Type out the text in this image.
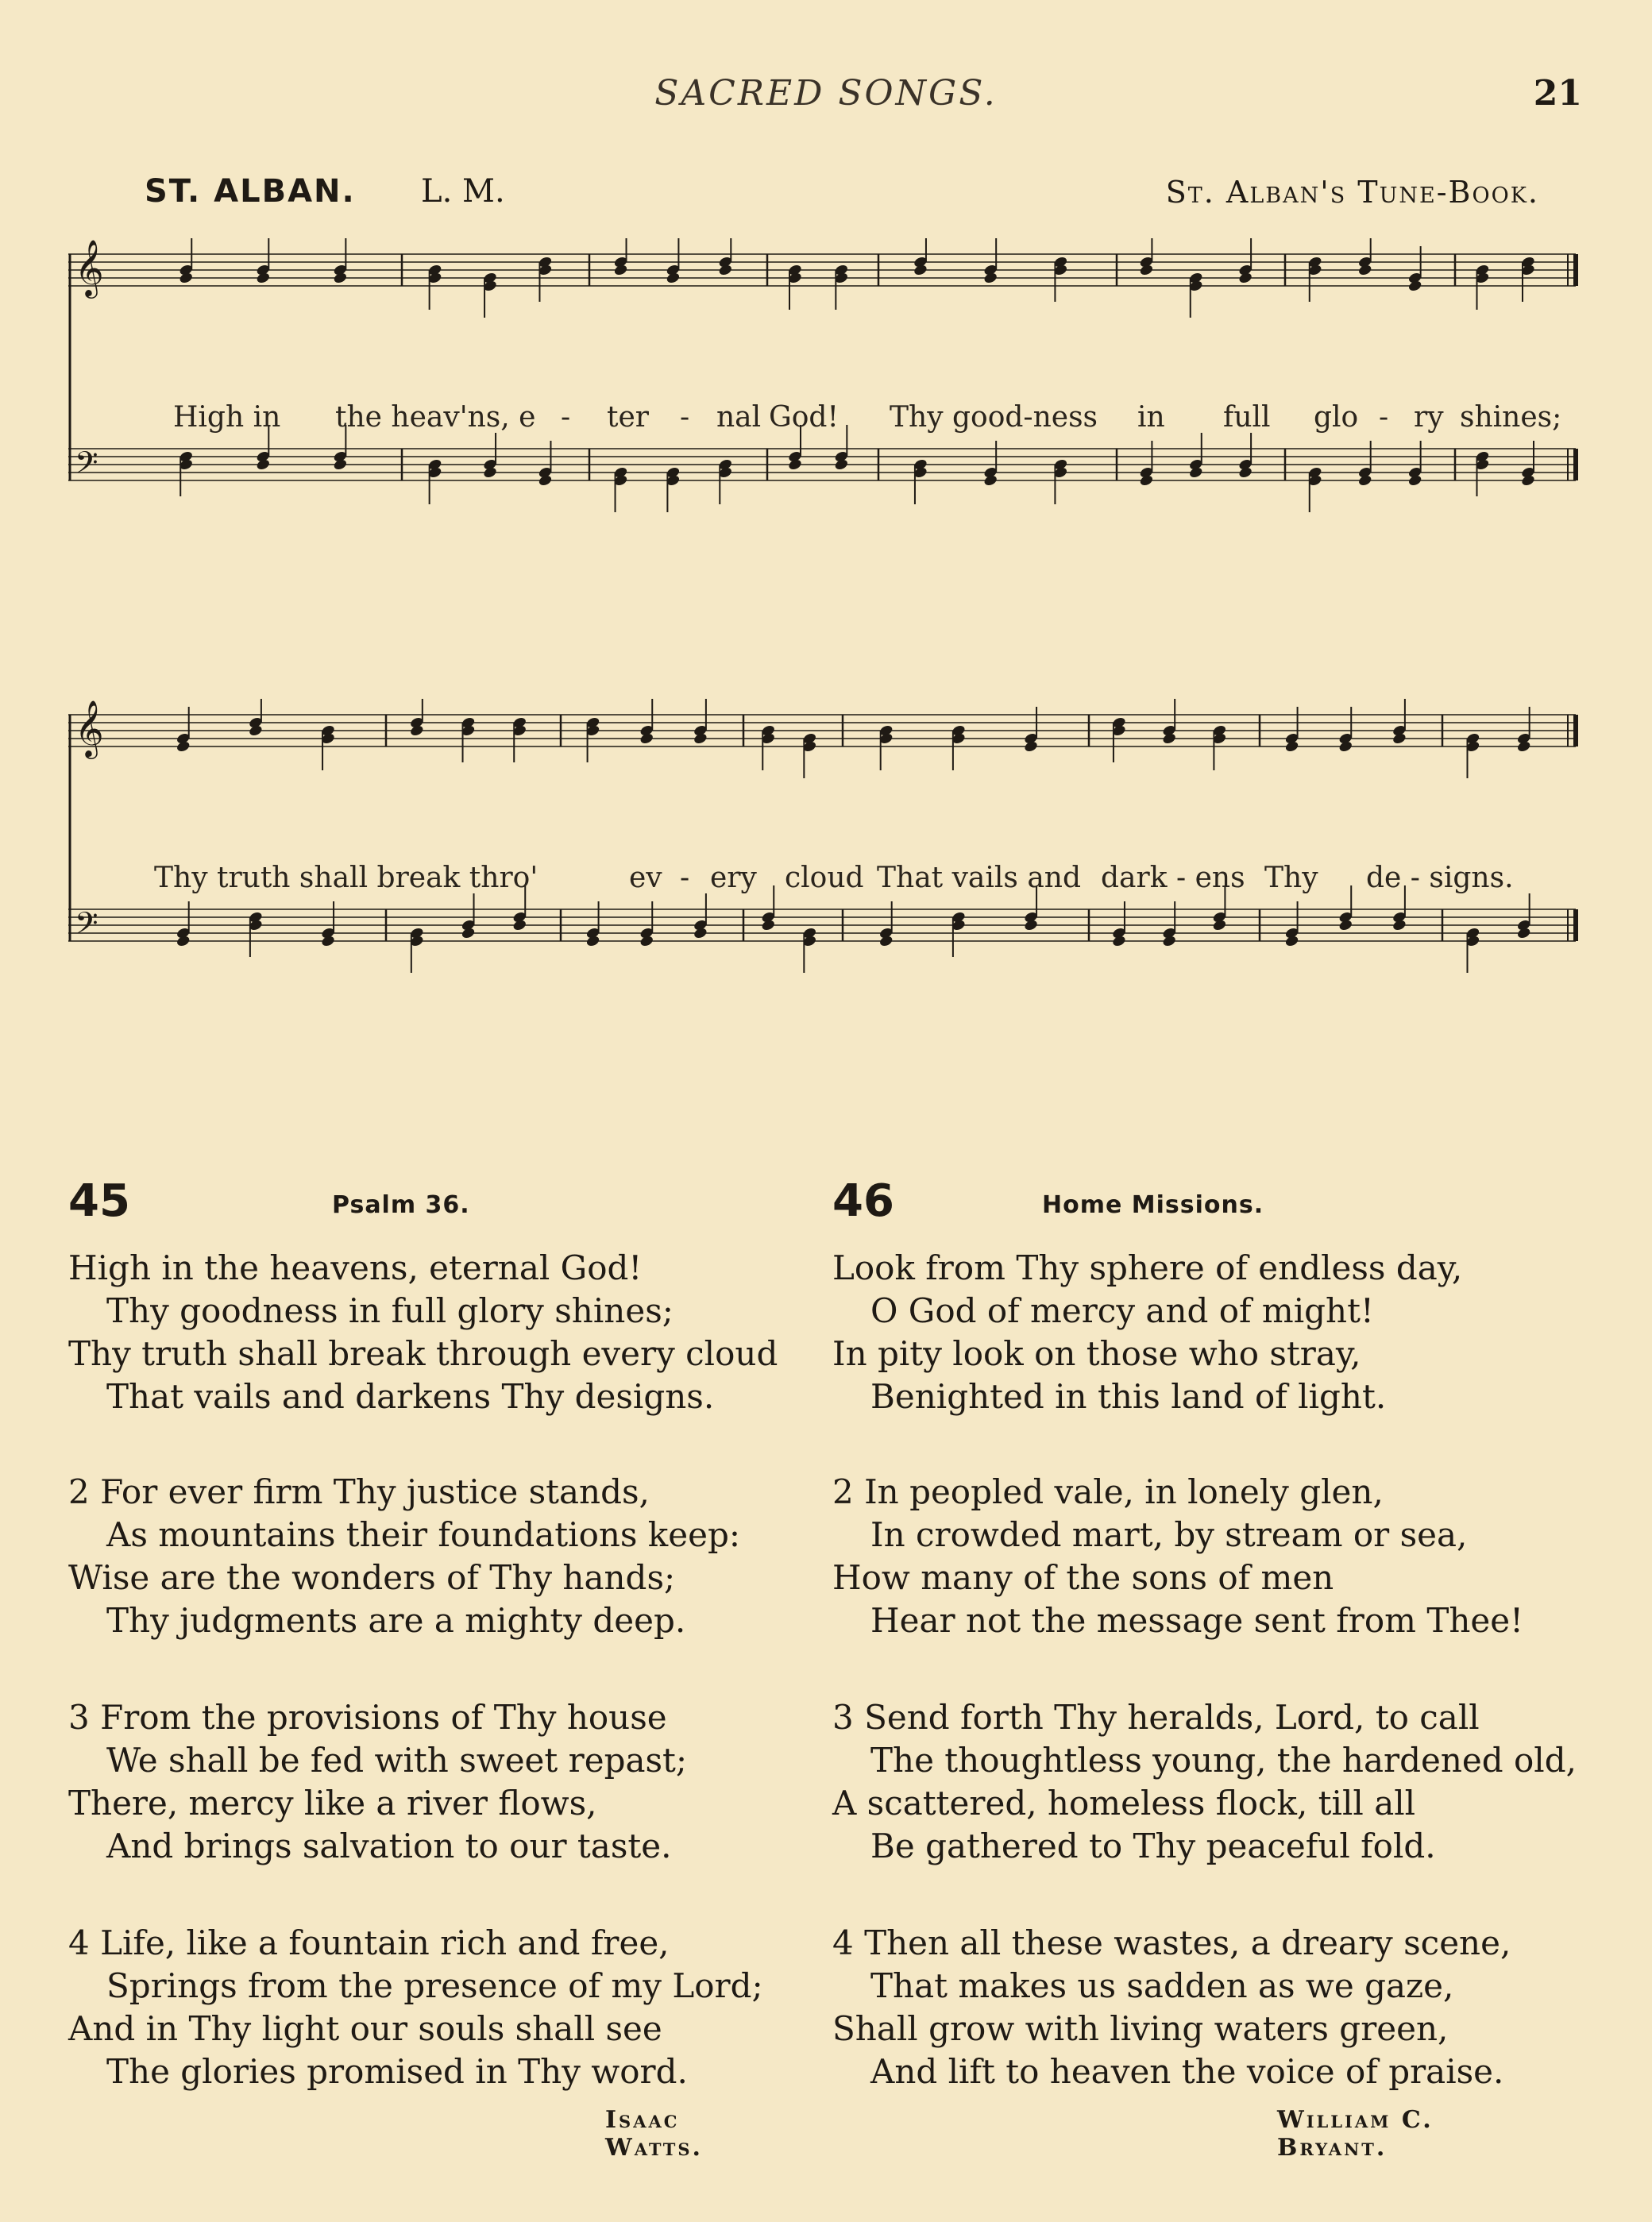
SACRED SONGS.	21
ST. ALBAN. L. M.	St. Alban's Tune-Book.
𝄞
𝄢
High in the heav'ns, e - ter - nal God! Thy good-ness in full glo - ry shines;
𝄞
𝄢
Thy truth shall break thro'	ev - ery cloud That vails and dark - ens Thy de - signs.
45	Psalm 36.
High in the heavens, eternal God!
Thy goodness in full glory shines;
Thy truth shall break through every cloud
That vails and darkens Thy designs.
2 For ever firm Thy justice stands,
As mountains their foundations keep:
Wise are the wonders of Thy hands;
Thy judgments are a mighty deep.
3 From the provisions of Thy house
We shall be fed with sweet repast;
There, mercy like a river flows,
And brings salvation to our taste.
4 Life, like a fountain rich and free,
Springs from the presence of my Lord;
And in Thy light our souls shall see
The glories promised in Thy word.
Isaac Watts.
46	Home Missions.
Look from Thy sphere of endless day,
O God of mercy and of might!
In pity look on those who stray,
Benighted in this land of light.
2 In peopled vale, in lonely glen,
In crowded mart, by stream or sea,
How many of the sons of men
Hear not the message sent from Thee!
3 Send forth Thy heralds, Lord, to call
The thoughtless young, the hardened old,
A scattered, homeless flock, till all
Be gathered to Thy peaceful fold.
4 Then all these wastes, a dreary scene,
That makes us sadden as we gaze,
Shall grow with living waters green,
And lift to heaven the voice of praise.
William C. Bryant.
